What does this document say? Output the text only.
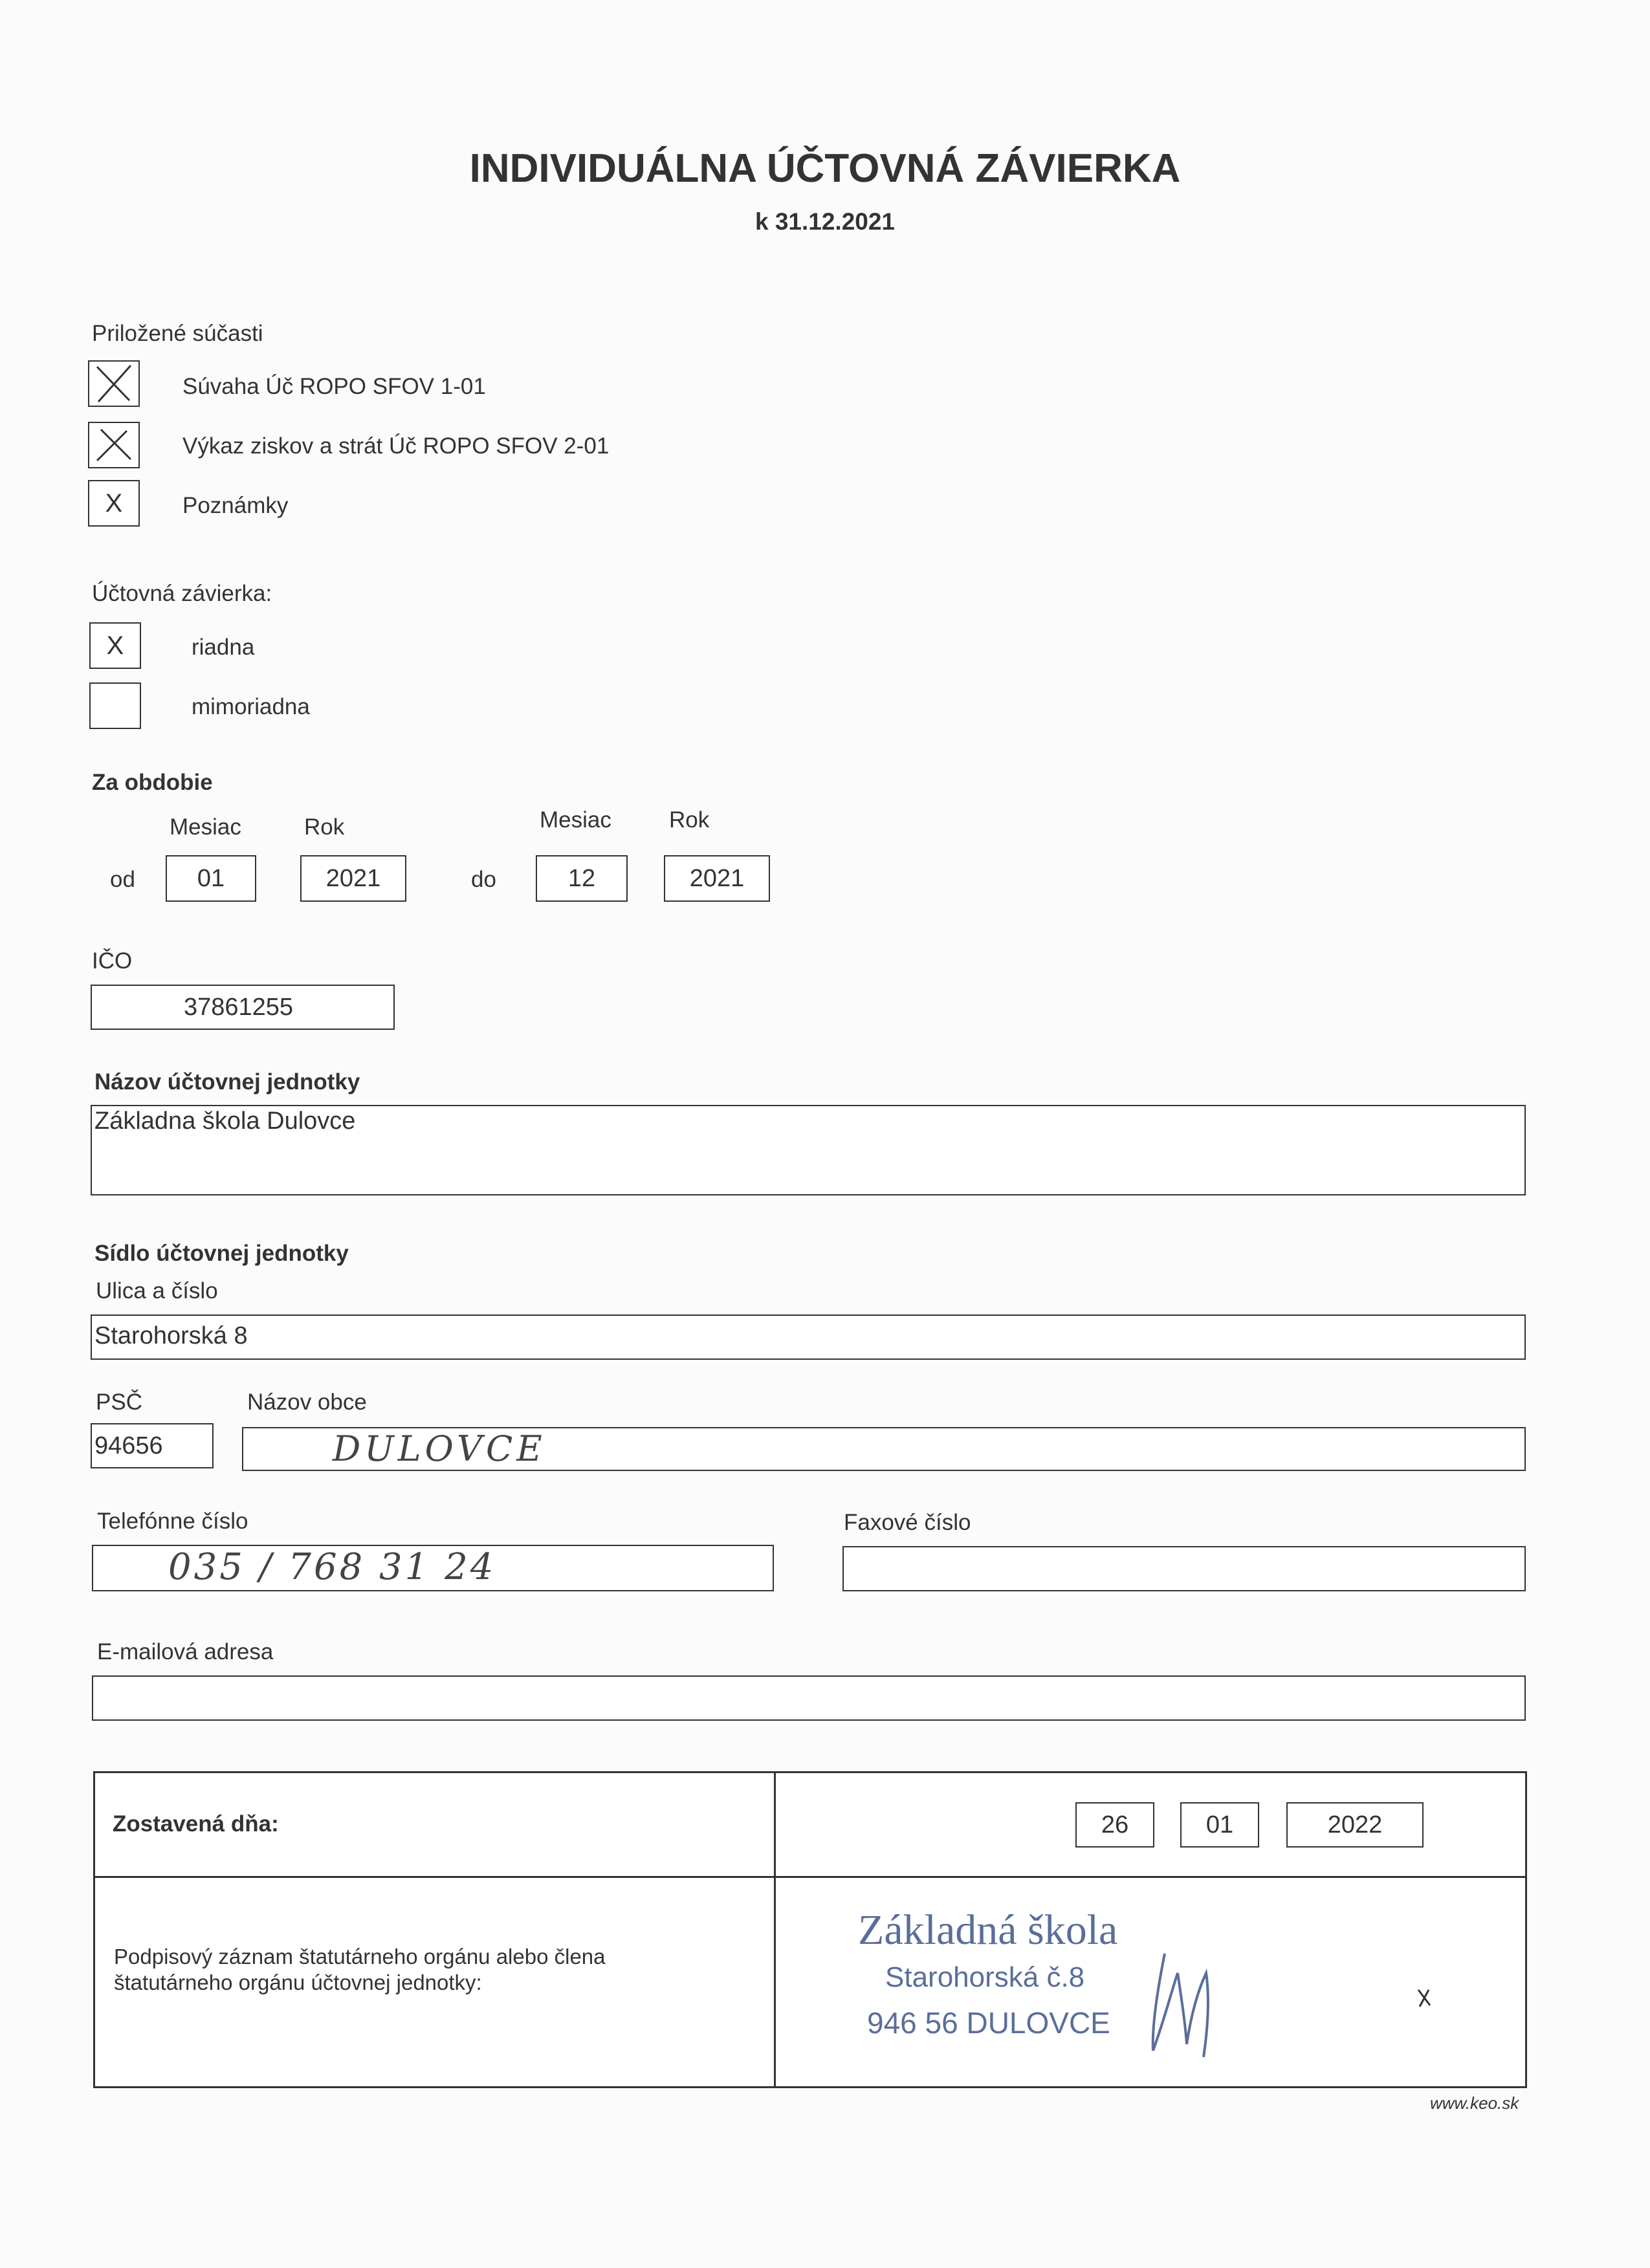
INDIVIDUÁLNA ÚČTOVNÁ ZÁVIERKA
k 31.12.2021
Priložené súčasti
Súvaha Úč ROPO SFOV 1-01
Výkaz ziskov a strát Úč ROPO SFOV 2-01
X	Poznámky
Účtovná závierka:
X	riadna
mimoriadna
Za obdobie
Mesiac	Rok	Mesiac	Rok
od	01	2021	do	12	2021
IČO
37861255
Názov účtovnej jednotky
Základna škola Dulovce
Sídlo účtovnej jednotky
Ulica a číslo
Starohorská 8
PSČ	Názov obce
94656	DULOVCE
Telefónne číslo	Faxové číslo
035 / 768 31 24
E-mailová adresa
Zostavená dňa:	26	01	2022
Podpisový záznam štatutárneho orgánu alebo člena
štatutárneho orgánu účtovnej jednotky:
Základná škola
Starohorská č.8
946 56 DULOVCE
www.keo.sk
